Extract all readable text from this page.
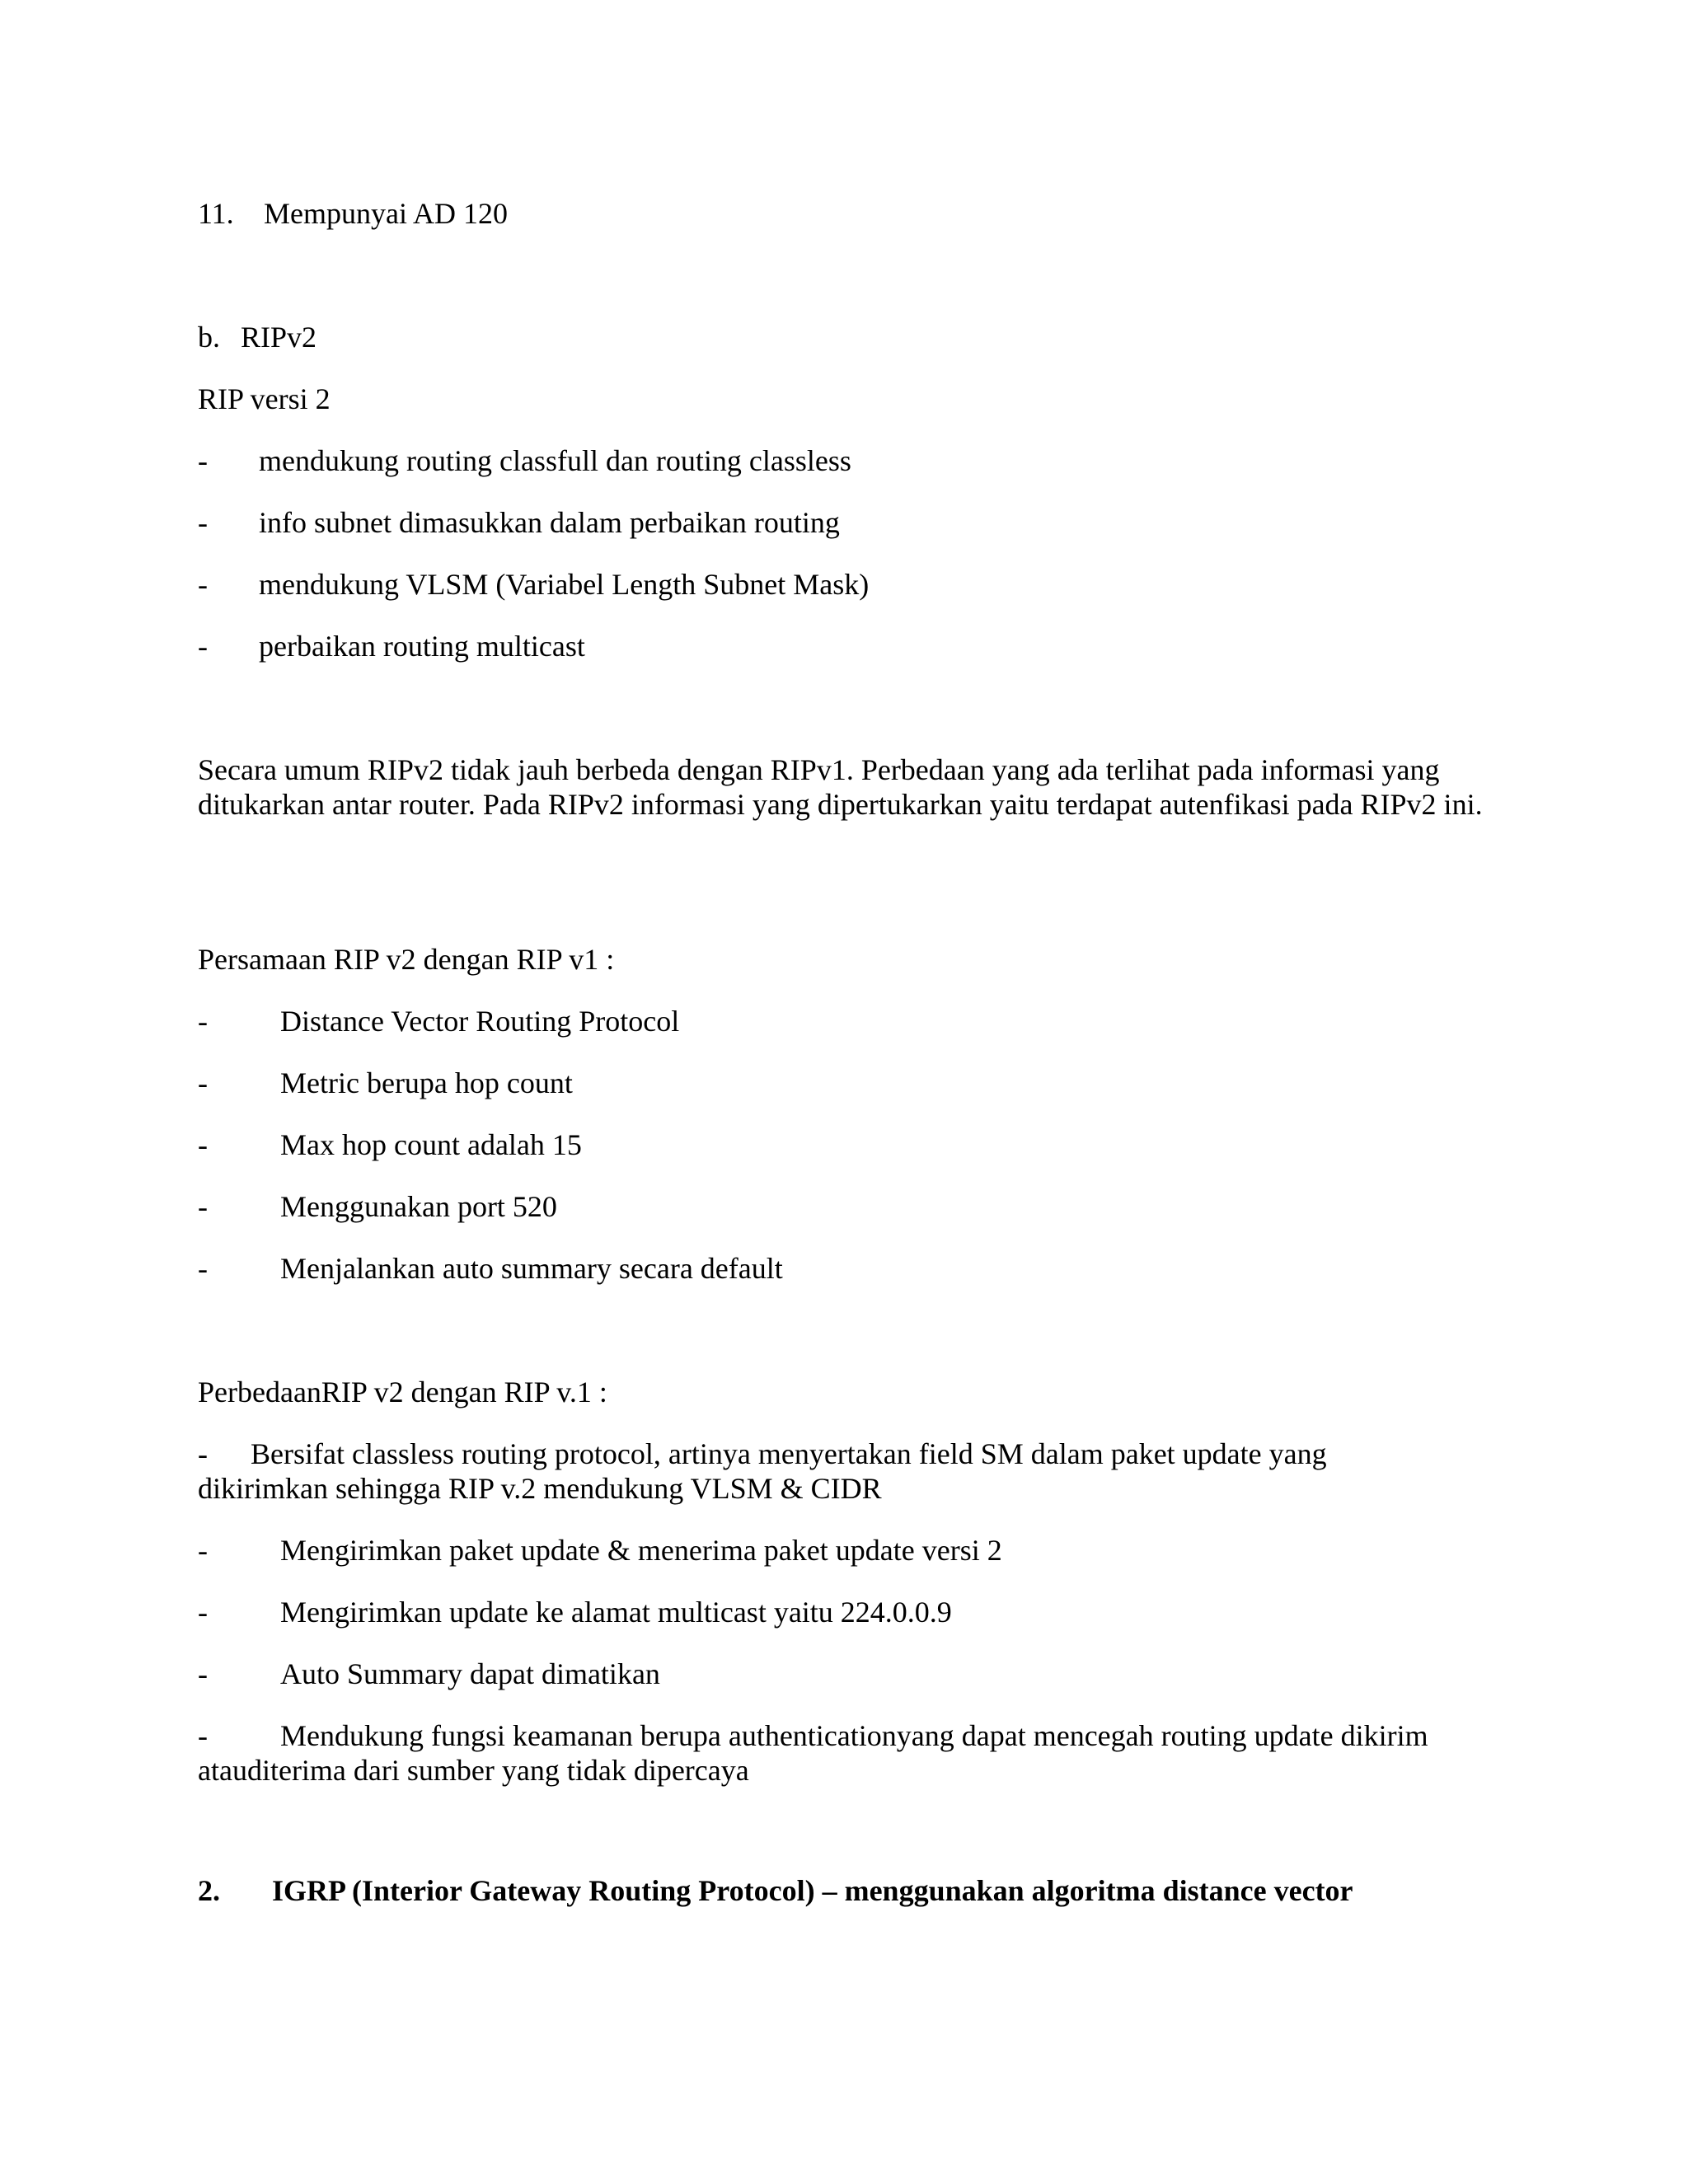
11. Mempunyai AD 120
b. RIPv2
RIP versi 2
- mendukung routing classfull dan routing classless
- info subnet dimasukkan dalam perbaikan routing
- mendukung VLSM (Variabel Length Subnet Mask)
- perbaikan routing multicast
Secara umum RIPv2 tidak jauh berbeda dengan RIPv1. Perbedaan yang ada terlihat pada informasi yang ditukarkan antar router. Pada RIPv2 informasi yang dipertukarkan yaitu terdapat autenfikasi pada RIPv2 ini.
Persamaan RIP v2 dengan RIP v1 :
- Distance Vector Routing Protocol
- Metric berupa hop count
- Max hop count adalah 15
- Menggunakan port 520
- Menjalankan auto summary secara default
PerbedaanRIP v2 dengan RIP v.1 :
- Bersifat classless routing protocol, artinya menyertakan field SM dalam paket update yang
dikirimkan sehingga RIP v.2 mendukung VLSM & CIDR
- Mengirimkan paket update & menerima paket update versi 2
- Mengirimkan update ke alamat multicast yaitu 224.0.0.9
- Auto Summary dapat dimatikan
- Mendukung fungsi keamanan berupa authenticationyang dapat mencegah routing update dikirim
atauditerima dari sumber yang tidak dipercaya
2. IGRP (Interior Gateway Routing Protocol) – menggunakan algoritma distance vector
